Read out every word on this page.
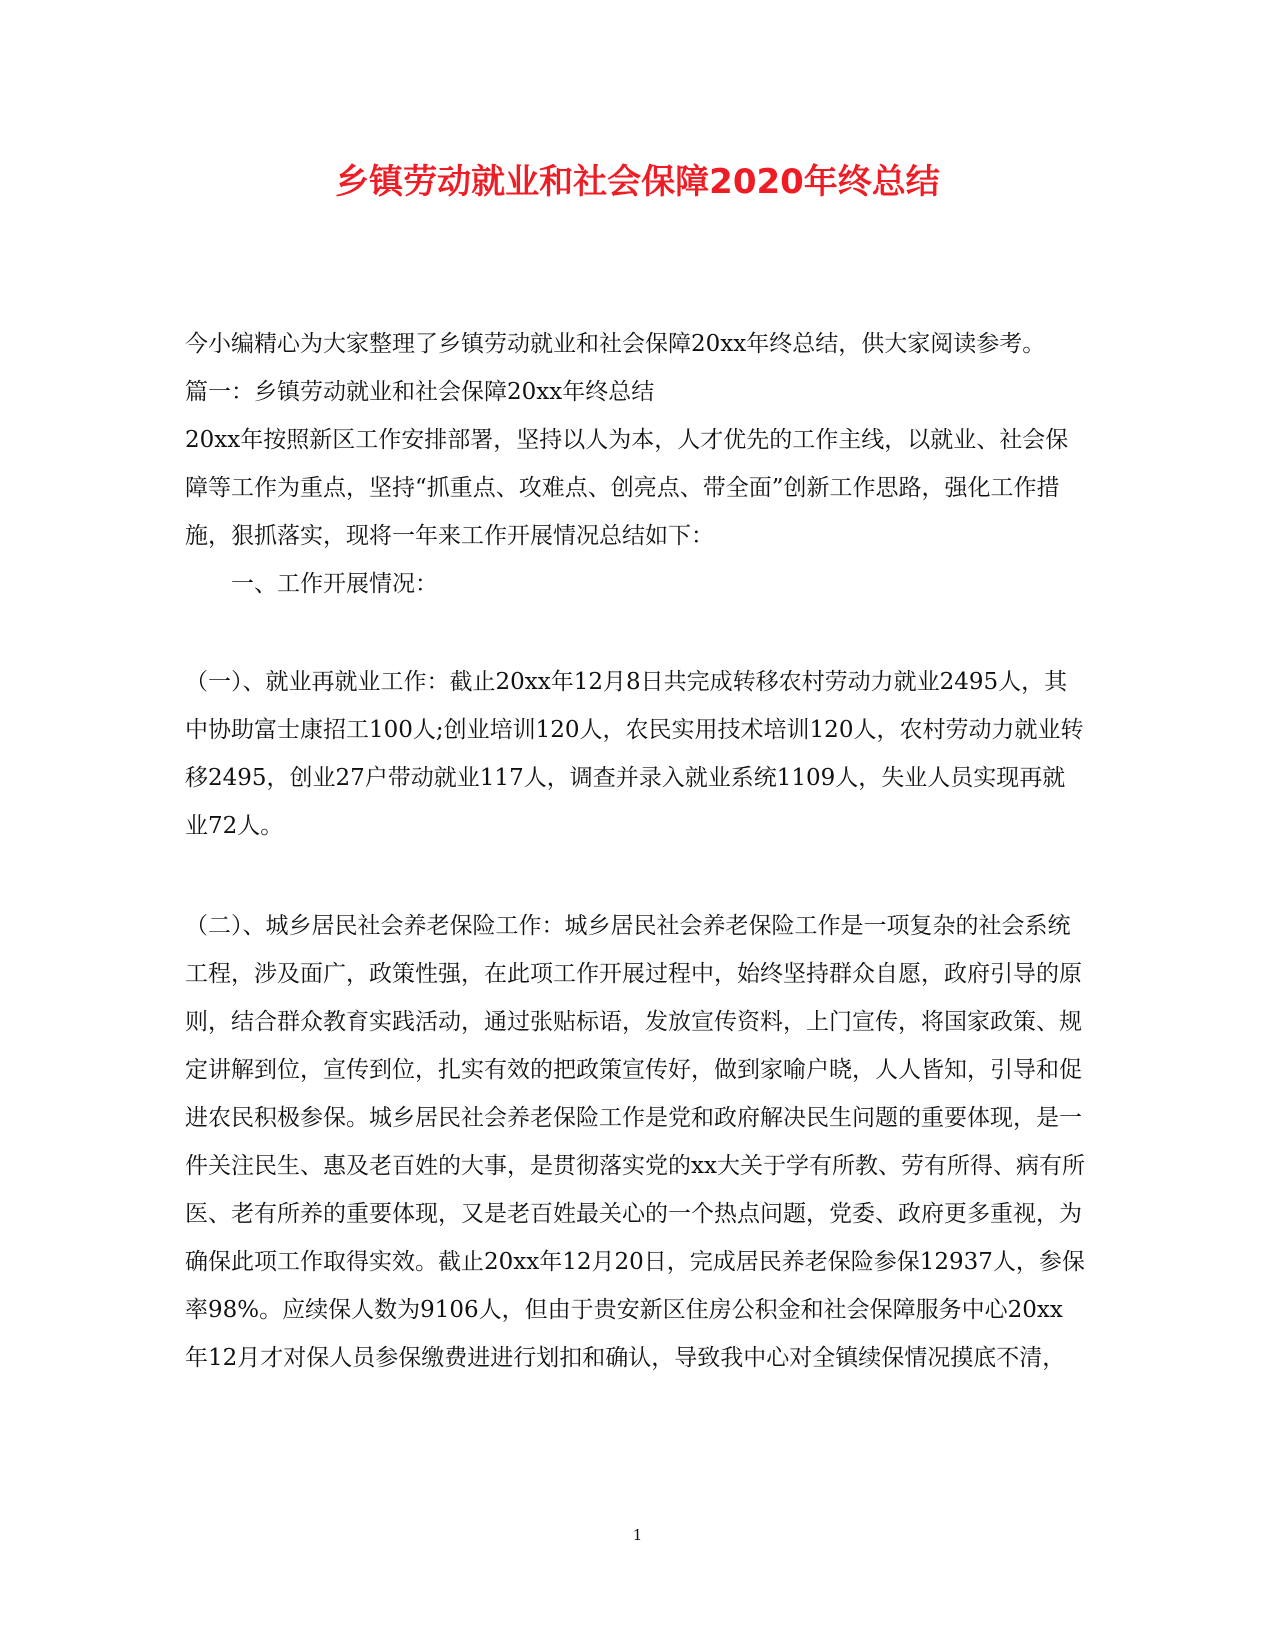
乡镇劳动就业和社会保障2020年终总结

今小编精心为大家整理了乡镇劳动就业和社会保障20xx年终总结，供大家阅读参考。

篇一：乡镇劳动就业和社会保障20xx年终总结

20xx年按照新区工作安排部署，坚持以人为本，人才优先的工作主线，以就业、社会保障等工作为重点，坚持“抓重点、攻难点、创亮点、带全面”创新工作思路，强化工作措施，狠抓落实，现将一年来工作开展情况总结如下：

一、工作开展情况：

（一）、就业再就业工作：截止20xx年12月8日共完成转移农村劳动力就业2495人，其中协助富士康招工100人;创业培训120人，农民实用技术培训120人，农村劳动力就业转移2495，创业27户带动就业117人，调查并录入就业系统1109人，失业人员实现再就业72人。

（二）、城乡居民社会养老保险工作：城乡居民社会养老保险工作是一项复杂的社会系统工程，涉及面广，政策性强，在此项工作开展过程中，始终坚持群众自愿，政府引导的原则，结合群众教育实践活动，通过张贴标语，发放宣传资料，上门宣传，将国家政策、规定讲解到位，宣传到位，扎实有效的把政策宣传好，做到家喻户晓，人人皆知，引导和促进农民积极参保。城乡居民社会养老保险工作是党和政府解决民生问题的重要体现，是一件关注民生、惠及老百姓的大事，是贯彻落实党的xx大关于学有所教、劳有所得、病有所医、老有所养的重要体现，又是老百姓最关心的一个热点问题，党委、政府更多重视，为确保此项工作取得实效。截止20xx年12月20日，完成居民养老保险参保12937人，参保率98%。应续保人数为9106人，但由于贵安新区住房公积金和社会保障服务中心20xx年12月才对保人员参保缴费进进行划扣和确认，导致我中心对全镇续保情况摸底不清，

1
